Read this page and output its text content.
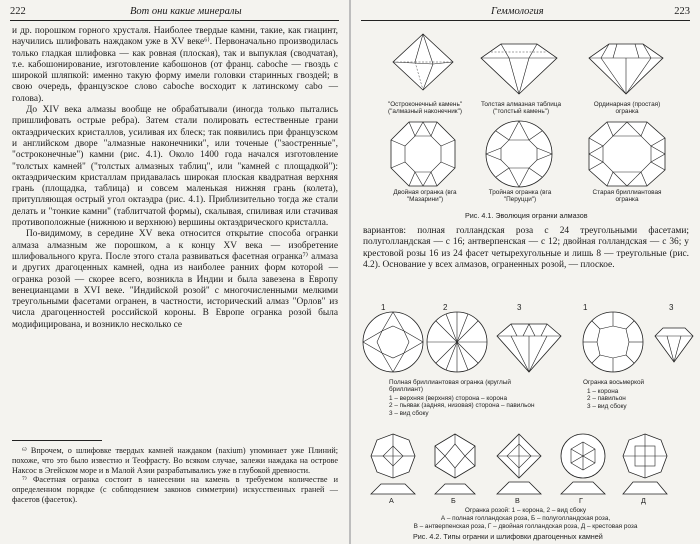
222	Вот они какие минералы

и др. порошком горного хрусталя. Наиболее твердые камни, такие, как гиацинт, научились шлифовать наждаком уже в XV веке⁶⁾. Первоначально производилась только гладкая шлифовка — как ровная (плоская), так и выпуклая (сводчатая), т.е. кабошонирование, изготовление кабошонов (от франц. caboche — гвоздь с широкой шляпкой: именно такую форму имели головки старинных гвоздей; в свою очередь, французское слово caboche восходит к латинскому cabo — голова).

До XIV века алмазы вообще не обрабатывали (иногда только пытались пришлифовать острые ребра). Затем стали полировать естественные грани октаэдрических кристаллов, усиливая их блеск; так появились при французском и английском дворе "алмазные наконечники", или точеные ("заостренные", "остроконечные") камни (рис. 4.1). Около 1400 года начался изготовление "толстых камней" ("толстых алмазных таблиц", или "камней с площадкой"): октаэдрическим кристаллам придавалась широкая плоская квадратная верхняя грань (площадка, таблица) и совсем маленькая нижняя грань (колета), притупляющая острый угол октаэдра (рис. 4.1). Приблизительно тогда же стали делать и "тонкие камни" (таблитчатой формы), скалывая, спиливая или стачивая противоположные (нижнюю и верхнюю) вершины октаэдрического кристалла.

По-видимому, в середине XV века относится открытие способа огранки алмаза алмазным же порошком, а к концу XV века — изобретение шлифовального круга. После этого стала развиваться фасетная огранка⁷⁾ алмаза и других драгоценных камней, одна из наиболее ранних форм которой — огранка розой — скорее всего, возникла в Индии и была завезена в Европу венецианцами в XVI веке. "Индийской розой" с многочисленными мелкими треугольными фасетами огранен, в частности, исторический алмаз "Орлов" из числа драгоценностей российской короны. В Европе огранка розой была модифицирована, и возникло несколько се

⁶⁾ Впрочем, о шлифовке твердых камней наждаком (naxium) упоминает уже Плиний; похоже, что это было известно и Теофрасту. Во всяком случае, залежи наждака на острове Наксос в Эгейском море и в Малой Азии разрабатывались уже в глубокой древности.

⁷⁾ Фасетная огранка состоит в нанесении на камень в требуемом количестве и определенном порядке (с соблюдением законов симметрии) искусственных граней — фасетов (фасеток).

Геммология	223
"Остроконечный камень" ("алмазный наконечник")
Толстая алмазная таблица ("толстый камень")
Ординарная (простая) огранка
Двойная огранка (вга "Мазарини")
Тройная огранка (вга "Перуцци")
Старая бриллиантовая огранка
Рис. 4.1. Эволюция огранки алмазов

вариантов: полная голландская роза с 24 треугольными фасетами; полуголландская — с 16; антверпенская — с 12; двойная голландская — с 36; у крестовой розы 16 из 24 фасет четырехугольные и лишь 8 — треугольные (рис. 4.2). Основание у всех алмазов, ограненных розой, — плоское.

1	2	3	1	3
Полная бриллиантовая огранка (круглый бриллиант)
1 – верхняя (верхняя) сторона – корона
2 – пьявак (задняя, низовая) сторона – павильон
3 – вид сбоку
Огранка восьмеркой
1 – корона
2 – павильон
3 – вид сбоку
А	Б	В	Г	Д
Огранка розой: 1 – корона, 2 – вид сбоку
А – полная голландская роза, Б – полуголландская роза,
В – антверпенская роза, Г – двойная голландская роза, Д – крестовая роза
Рис. 4.2. Типы огранки и шлифовки драгоценных камней
